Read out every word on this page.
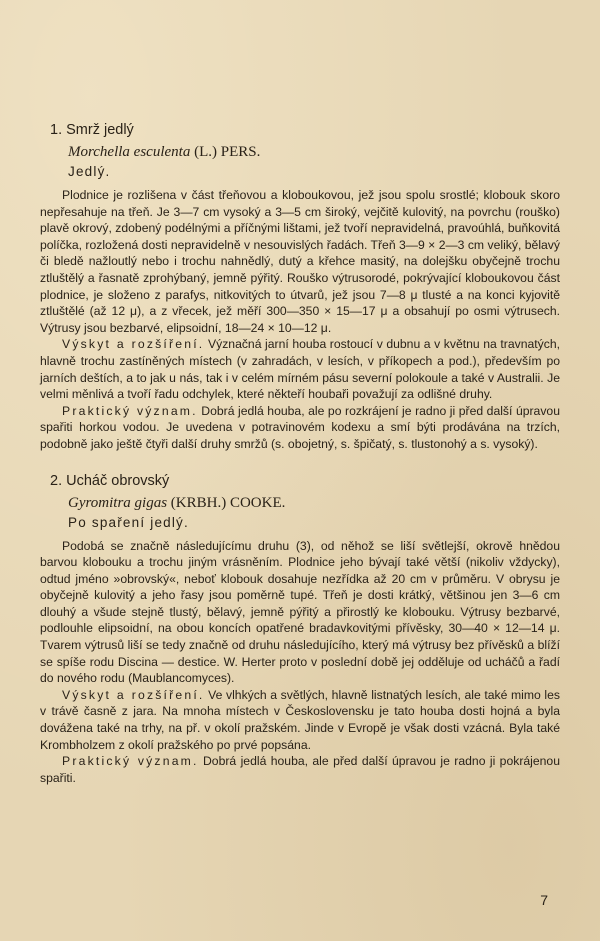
1. Smrž jedlý
Morchella esculenta (L.) PERS.
Jedlý.

Plodnice je rozlišena v část třeňovou a kloboukovou, jež jsou spolu srostlé; klobouk skoro nepřesahuje na třeň. Je 3—7 cm vysoký a 3—5 cm široký, vejčitě kulovitý, na povrchu (rouško) plavě okrový, zdobený podélnými a příčnými lištami, jež tvoří nepravidelná, pravoúhlá, buňkovitá políčka, rozložená dosti nepravidelně v nesouvislých řadách. Třeň 3—9 × 2—3 cm veliký, bělavý či bledě nažloutlý nebo i trochu nahnědlý, dutý a křehce masitý, na dolejšku obyčejně trochu ztluštělý a řasnatě zprohýbaný, jemně pýřitý. Rouško výtrusorodé, pokrývající kloboukovou část plodnice, je složeno z parafys, nitkovitých to útvarů, jež jsou 7—8 μ tlusté a na konci kyjovitě ztluštělé (až 12 μ), a z vřecek, jež měří 300—350 × 15—17 μ a obsahují po osmi výtrusech. Výtrusy jsou bezbarvé, elipsoidní, 18—24 × 10—12 μ.

Výskyt a rozšíření. Význačná jarní houba rostoucí v dubnu a v květnu na travnatých, hlavně trochu zastíněných místech (v zahradách, v lesích, v příkopech a pod.), především po jarních deštích, a to jak u nás, tak i v celém mírném pásu severní polokoule a také v Australii. Je velmi měnlivá a tvoří řadu odchylek, které někteří houbaři považují za odlišné druhy.

Praktický význam. Dobrá jedlá houba, ale po rozkrájení je radno ji před další úpravou spařiti horkou vodou. Je uvedena v potravinovém kodexu a smí býti prodávána na trzích, podobně jako ještě čtyři další druhy smržů (s. obojetný, s. špičatý, s. tlustonohý a s. vysoký).

2. Ucháč obrovský
Gyromitra gigas (KRBH.) COOKE.
Po spaření jedlý.

Podobá se značně následujícímu druhu (3), od něhož se liší světlejší, okrově hnědou barvou klobouku a trochu jiným vrásněním. Plodnice jeho bývají také větší (nikoliv vždycky), odtud jméno »obrovský«, neboť klobouk dosahuje nezřídka až 20 cm v průměru. V obrysu je obyčejně kulovitý a jeho řasy jsou poměrně tupé. Třeň je dosti krátký, většinou jen 3—6 cm dlouhý a všude stejně tlustý, bělavý, jemně pýřitý a přirostlý ke klobouku. Výtrusy bezbarvé, podlouhle elipsoidní, na obou koncích opatřené bradavkovitými přívěsky, 30—40 × 12—14 μ. Tvarem výtrusů liší se tedy značně od druhu následujícího, který má výtrusy bez přívěsků a blíží se spíše rodu Discina — destice. W. Herter proto v poslední době jej odděluje od ucháčů a řadí do nového rodu (Maublancomyces).

Výskyt a rozšíření. Ve vlhkých a světlých, hlavně listnatých lesích, ale také mimo les v trávě časně z jara. Na mnoha místech v Československu je tato houba dosti hojná a byla dovážena také na trhy, na př. v okolí pražském. Jinde v Evropě je však dosti vzácná. Byla také Krombholzem z okolí pražského po prvé popsána.

Praktický význam. Dobrá jedlá houba, ale před další úpravou je radno ji pokrájenou spařiti.

7
